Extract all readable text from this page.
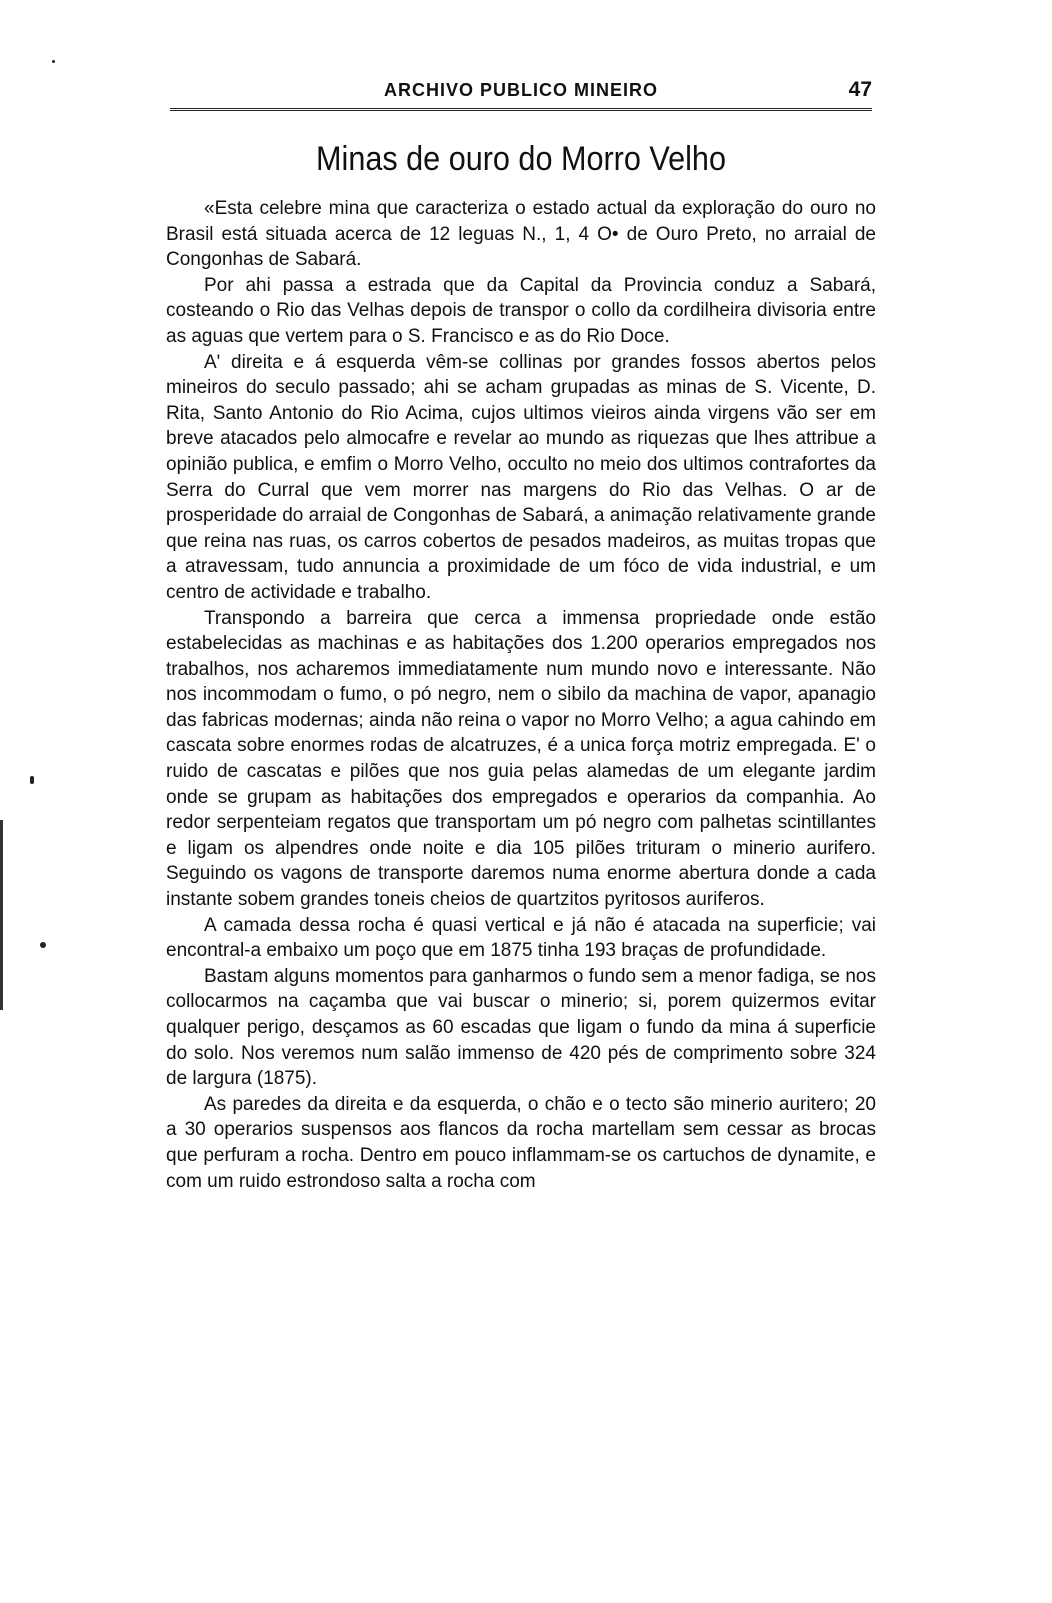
ARCHIVO PUBLICO MINEIRO	47
Minas de ouro do Morro Velho

«Esta celebre mina que caracteriza o estado actual da exploração do ouro no Brasil está situada acerca de 12 leguas N., 1, 4 O• de Ouro Preto, no arraial de Congonhas de Sabará.

Por ahi passa a estrada que da Capital da Provincia conduz a Sabará, costeando o Rio das Velhas depois de transpor o collo da cordilheira divisoria entre as aguas que vertem para o S. Francisco e as do Rio Doce.

A' direita e á esquerda vêm-se collinas por grandes fossos abertos pelos mineiros do seculo passado; ahi se acham grupadas as minas de S. Vicente, D. Rita, Santo Antonio do Rio Acima, cujos ultimos vieiros ainda virgens vão ser em breve atacados pelo almocafre e revelar ao mundo as riquezas que lhes attribue a opinião publica, e emfim o Morro Velho, occulto no meio dos ultimos contrafortes da Serra do Curral que vem morrer nas margens do Rio das Velhas. O ar de prosperidade do arraial de Congonhas de Sabará, a animação relativamente grande que reina nas ruas, os carros cobertos de pesados madeiros, as muitas tropas que a atravessam, tudo annuncia a proximidade de um fóco de vida industrial, e um centro de actividade e trabalho.

Transpondo a barreira que cerca a immensa propriedade onde estão estabelecidas as machinas e as habitações dos 1.200 operarios empregados nos trabalhos, nos acharemos immediatamente num mundo novo e interessante. Não nos incommodam o fumo, o pó negro, nem o sibilo da machina de vapor, apanagio das fabricas modernas; ainda não reina o vapor no Morro Velho; a agua cahindo em cascata sobre enormes rodas de alcatruzes, é a unica força motriz empregada. E' o ruido de cascatas e pilões que nos guia pelas alamedas de um elegante jardim onde se grupam as habitações dos empregados e operarios da companhia. Ao redor serpenteiam regatos que transportam um pó negro com palhetas scintillantes e ligam os alpendres onde noite e dia 105 pilões trituram o minerio aurifero. Seguindo os vagons de transporte daremos numa enorme abertura donde a cada instante sobem grandes toneis cheios de quartzitos pyritosos auriferos.

A camada dessa rocha é quasi vertical e já não é atacada na superficie; vai encontral-a embaixo um poço que em 1875 tinha 193 braças de profundidade.

Bastam alguns momentos para ganharmos o fundo sem a menor fadiga, se nos collocarmos na caçamba que vai buscar o minerio; si, porem quizermos evitar qualquer perigo, desçamos as 60 escadas que ligam o fundo da mina á superficie do solo. Nos veremos num salão immenso de 420 pés de comprimento sobre 324 de largura (1875).

As paredes da direita e da esquerda, o chão e o tecto são minerio auritero; 20 a 30 operarios suspensos aos flancos da rocha martellam sem cessar as brocas que perfuram a rocha. Dentro em pouco inflammam-se os cartuchos de dynamite, e com um ruido estrondoso salta a rocha com
